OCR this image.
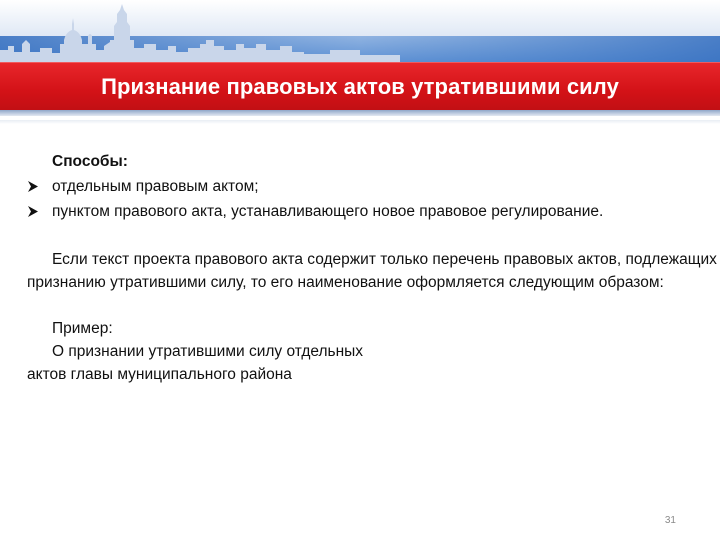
Признание правовых актов утратившими силу

Способы:

отдельным правовым актом;
пунктом правового акта, устанавливающего новое правовое регулирование.

Если текст проекта правового акта содержит только перечень правовых актов, подлежащих признанию утратившими силу, то его наименование оформляется следующим образом:

Пример:

О признании утратившими силу отдельных

актов главы муниципального района

31
